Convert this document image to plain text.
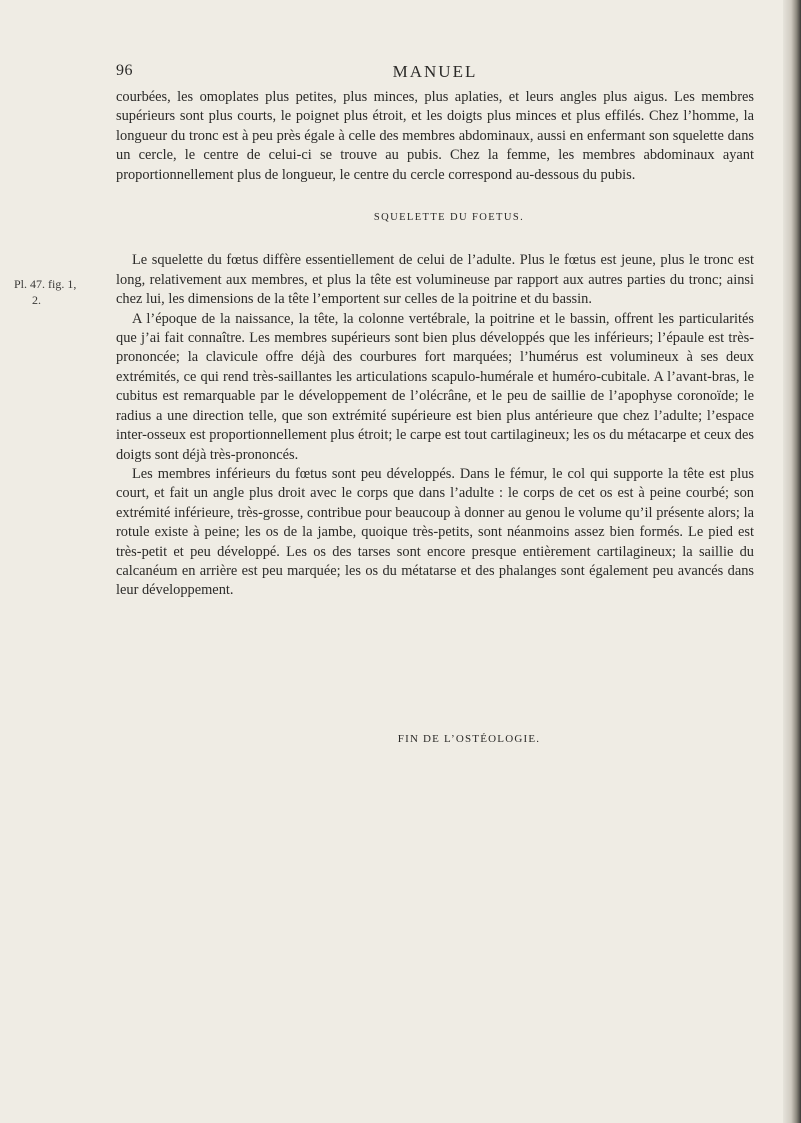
96	MANUEL

courbées, les omoplates plus petites, plus minces, plus aplaties, et leurs angles plus aigus. Les membres supérieurs sont plus courts, le poignet plus étroit, et les doigts plus minces et plus effilés. Chez l’homme, la longueur du tronc est à peu près égale à celle des membres abdominaux, aussi en enfermant son squelette dans un cercle, le centre de celui-ci se trouve au pubis. Chez la femme, les membres abdominaux ayant proportionnellement plus de longueur, le centre du cercle correspond au-dessous du pubis.

SQUELETTE DU FOETUS.

Le squelette du fœtus diffère essentiellement de celui de l’adulte. Plus le fœtus est jeune, plus le tronc est long, relativement aux membres, et plus la tête est volumineuse par rapport aux autres parties du tronc; ainsi chez lui, les dimensions de la tête l’emportent sur celles de la poitrine et du bassin.

A l’époque de la naissance, la tête, la colonne vertébrale, la poitrine et le bassin, offrent les particularités que j’ai fait connaître. Les membres supérieurs sont bien plus développés que les inférieurs; l’épaule est très-prononcée; la clavicule offre déjà des courbures fort marquées; l’humérus est volumineux à ses deux extrémités, ce qui rend très-saillantes les articulations scapulo-humérale et huméro-cubitale. A l’avant-bras, le cubitus est remarquable par le développement de l’olécrâne, et le peu de saillie de l’apophyse coronoïde; le radius a une direction telle, que son extrémité supérieure est bien plus antérieure que chez l’adulte; l’espace inter-osseux est proportionnellement plus étroit; le carpe est tout cartilagineux; les os du métacarpe et ceux des doigts sont déjà très-prononcés.

Les membres inférieurs du fœtus sont peu développés. Dans le fémur, le col qui supporte la tête est plus court, et fait un angle plus droit avec le corps que dans l’adulte : le corps de cet os est à peine courbé; son extrémité inférieure, très-grosse, contribue pour beaucoup à donner au genou le volume qu’il présente alors; la rotule existe à peine; les os de la jambe, quoique très-petits, sont néanmoins assez bien formés. Le pied est très-petit et peu développé. Les os des tarses sont encore presque entièrement cartilagineux; la saillie du calcanéum en arrière est peu marquée; les os du métatarse et des phalanges sont également peu avancés dans leur développement.

Pl. 47. fig. 1,
2.
FIN DE L’OSTÉOLOGIE.
